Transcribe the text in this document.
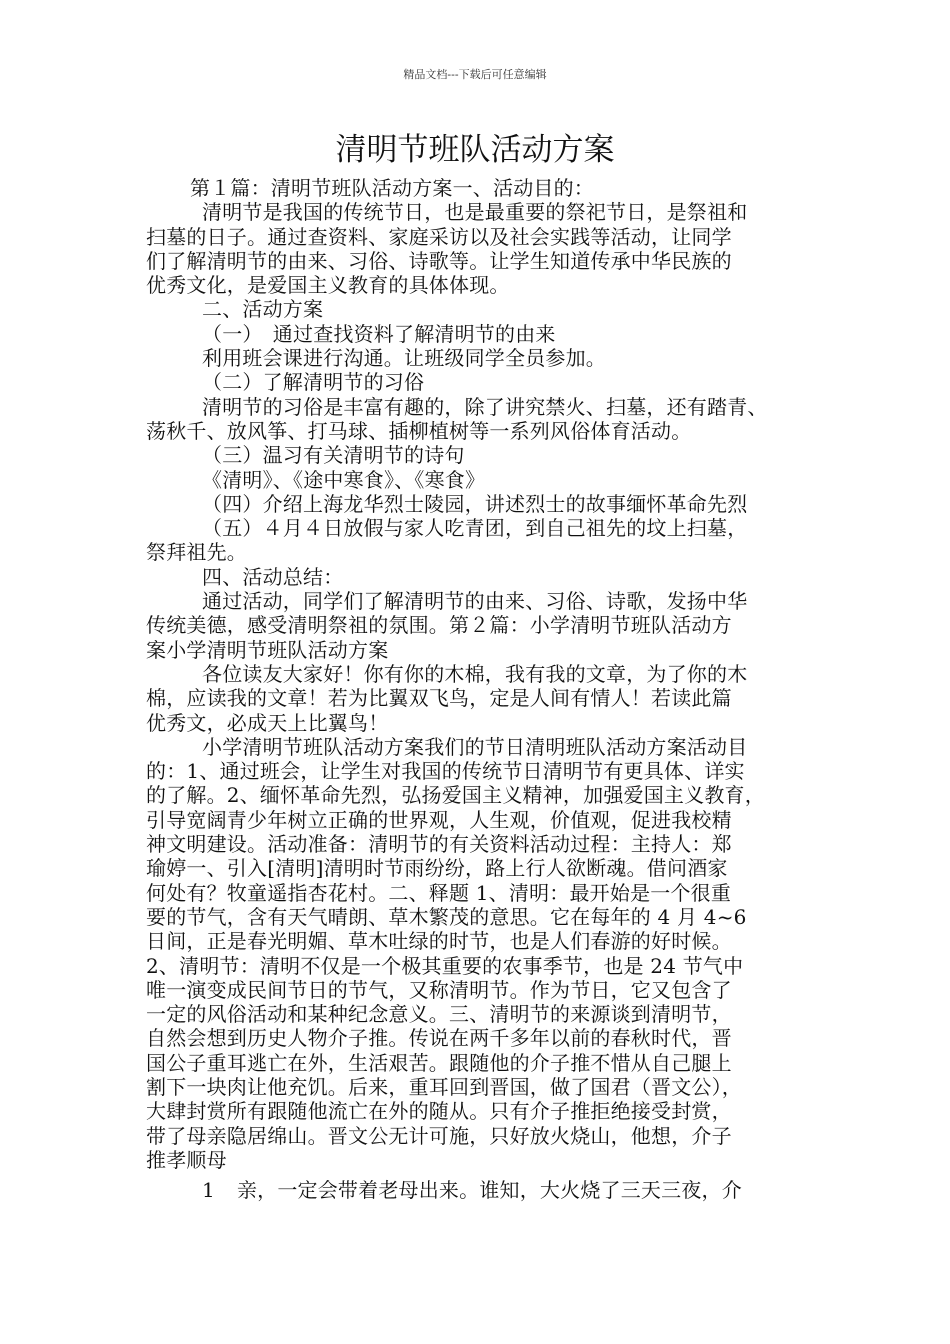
精品文档---下载后可任意编辑
清明节班队活动方案
第１篇：清明节班队活动方案一、活动目的：
清明节是我国的传统节日，也是最重要的祭祀节日，是祭祖和
扫墓的日子。通过查资料、家庭采访以及社会实践等活动，让同学
们了解清明节的由来、习俗、诗歌等。让学生知道传承中华民族的
优秀文化，是爱国主义教育的具体体现。
二、活动方案
（一）　通过查找资料了解清明节的由来
利用班会课进行沟通。让班级同学全员参加。
（二）了解清明节的习俗
清明节的习俗是丰富有趣的，除了讲究禁火、扫墓，还有踏青、
荡秋千、放风筝、打马球、插柳植树等一系列风俗体育活动。
（三）温习有关清明节的诗句
《清明》、《途中寒食》、《寒食》
（四）介绍上海龙华烈士陵园，讲述烈士的故事缅怀革命先烈
（五）４月４日放假与家人吃青团，到自己祖先的坟上扫墓，
祭拜祖先。
四、活动总结：
通过活动，同学们了解清明节的由来、习俗、诗歌，发扬中华
传统美德，感受清明祭祖的氛围。第２篇：小学清明节班队活动方
案小学清明节班队活动方案
各位读友大家好！你有你的木棉，我有我的文章，为了你的木
棉，应读我的文章！若为比翼双飞鸟，定是人间有情人！若读此篇
优秀文，必成天上比翼鸟！
小学清明节班队活动方案我们的节日清明班队活动方案活动目
的：1、通过班会，让学生对我国的传统节日清明节有更具体、详实
的了解。2、缅怀革命先烈，弘扬爱国主义精神，加强爱国主义教育，
引导宽阔青少年树立正确的世界观，人生观，价值观，促进我校精
神文明建设。活动准备：清明节的有关资料活动过程：主持人：郑
瑜婷一、引入[清明]清明时节雨纷纷，路上行人欲断魂。借问酒家
何处有？牧童遥指杏花村。二、释题 1、清明：最开始是一个很重
要的节气，含有天气晴朗、草木繁茂的意思。它在每年的 4 月 4~6
日间，正是春光明媚、草木吐绿的时节，也是人们春游的好时候。
2、清明节：清明不仅是一个极其重要的农事季节，也是 24 节气中
唯一演变成民间节日的节气，又称清明节。作为节日，它又包含了
一定的风俗活动和某种纪念意义。三、清明节的来源谈到清明节，
自然会想到历史人物介子推。传说在两千多年以前的春秋时代，晋
国公子重耳逃亡在外，生活艰苦。跟随他的介子推不惜从自己腿上
割下一块肉让他充饥。后来，重耳回到晋国，做了国君（晋文公），
大肆封赏所有跟随他流亡在外的随从。只有介子推拒绝接受封赏，
带了母亲隐居绵山。晋文公无计可施，只好放火烧山，他想，介子
推孝顺母
1 亲，一定会带着老母出来。谁知，大火烧了三天三夜，介
